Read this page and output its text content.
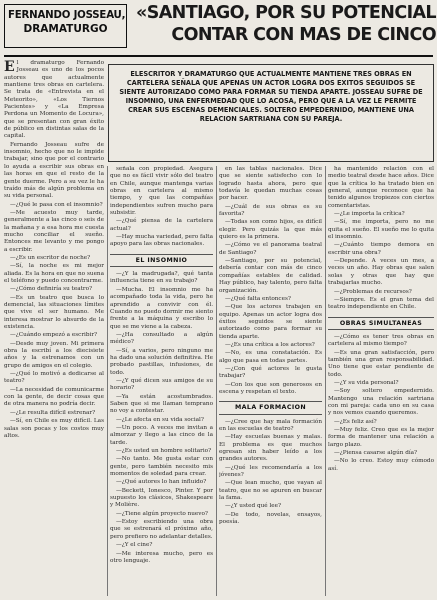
FERNANDO JOSSEAU,
DRAMATURGO
«SANTIAGO, POR SU POTENCIAL
CONTAR CON MAS DE CINCO
ELESCRITOR Y DRAMATURGO QUE ACTUALMENTE MANTIENE TRES OBRAS EN CARTELERA SEÑALA QUE APENAS UN ACTOR LOGRA DOS EXITOS SEGUIDOS SE SIENTE AUTORIZADO COMO PARA FORMAR SU TIENDA APARTE. JOSSEAU SUFRE DE INSOMNIO, UNA ENFERMEDAD QUE LO ACOSA, PERO QUE A LA VEZ LE PERMITE CREAR SUS ESCENAS DEMENCIALES. SOLTERO EMPEDERNIDO, MANTIENE UNA RELACION SARTRIANA CON SU PAREJA.

El dramaturgo Fernando Josseau es uno de los pocos autores que actualmente mantiene tres obras en cartelera. Se trata de «Entrevista en el Meteorito», «Los Tiernos Pacientes» y «La Empresa Perdona un Momento de Locura», que se presentan con gran éxito de público en distintas salas de la capital.

Fernando Josseau sufre de insomnio, hecho que no le impide trabajar, sino que por el contrario lo ayuda a escribir sus obras en las horas en que el resto de la gente duerme. Pero a su vez le ha traído más de algún problema en su vida personal.

—¿Qué le pasa con el insomnio?

—Me acuesto muy tarde, generalmente a las cinco o seis de la mañana y a esa hora me cuesta mucho conciliar el sueño. Entonces me levanto y me pongo a escribir.

—¿Es un escritor de noche?

—Sí, la noche es mi mejor aliada. Es la hora en que no suena el teléfono y puedo concentrarme.

—¿Cómo definiría su teatro?

—Es un teatro que busca lo demencial, las situaciones límites que vive el ser humano. Me interesa mostrar lo absurdo de la existencia.

—¿Cuándo empezó a escribir?

—Desde muy joven. Mi primera obra la escribí a los diecisiete años y la estrenamos con un grupo de amigos en el colegio.

—¿Qué lo motivó a dedicarse al teatro?

—La necesidad de comunicarme con la gente, de decir cosas que de otra manera no podría decir.

—¿Le resulta difícil estrenar?

—Sí, en Chile es muy difícil. Las salas son pocas y los costos muy altos.

señala con propiedad. Asegura que no es fácil vivir sólo del teatro en Chile, aunque mantenga varias obras en cartelera al mismo tiempo, y que las compañías independientes sufren mucho para subsistir.

—¿Qué piensa de la cartelera actual?

—Hay mucha variedad, pero falta apoyo para las obras nacionales.

EL INSOMNIO

—¿Y la madrugada?, qué tanta influencia tiene en su trabajo?

—Mucha. El insomnio me ha acompañado toda la vida, pero he aprendido a convivir con él. Cuando no puedo dormir me siento frente a la máquina y escribo lo que se me viene a la cabeza.

—¿Ha consultado a algún médico?

—Sí, a varios, pero ninguno me ha dado una solución definitiva. He probado pastillas, infusiones, de todo.

—¿Y qué dicen sus amigos de su horario?

—Ya están acostumbrados. Saben que si me llaman temprano no voy a contestar.

—¿Le afecta en su vida social?

—Un poco. A veces me invitan a almorzar y llego a las cinco de la tarde.

—¿Es usted un hombre solitario?

—No tanto. Me gusta estar con gente, pero también necesito mis momentos de soledad para crear.

—¿Qué autores lo han influido?

—Beckett, Ionesco, Pinter. Y por supuesto los clásicos, Shakespeare y Molière.

—¿Tiene algún proyecto nuevo?

—Estoy escribiendo una obra que se estrenará el próximo año, pero prefiero no adelantar detalles.

—¿Y el cine?

—Me interesa mucho, pero es otro lenguaje.

en las tablas nacionales. Dice que se siente satisfecho con lo logrado hasta ahora, pero que todavía le quedan muchas cosas por hacer.

—¿Cuál de sus obras es su favorita?

—Todas son como hijos, es difícil elegir. Pero quizás la que más quiero es la primera.

—¿Cómo ve el panorama teatral de Santiago?

—Santiago, por su potencial, debería contar con más de cinco compañías estables de calidad. Hay público, hay talento, pero falta organización.

—¿Qué falta entonces?

—Que los actores trabajen en equipo. Apenas un actor logra dos éxitos seguidos se siente autorizado como para formar su tienda aparte.

—¿Es una crítica a los actores?

—No, es una constatación. Es algo que pasa en todas partes.

—¿Con qué actores le gusta trabajar?

—Con los que son generosos en escena y respetan el texto.

MALA FORMACION

—¿Cree que hay mala formación en las escuelas de teatro?

—Hay escuelas buenas y malas. El problema es que muchos egresan sin haber leído a los grandes autores.

—¿Qué les recomendaría a los jóvenes?

—Que lean mucho, que vayan al teatro, que no se apuren en buscar la fama.

—¿Y usted qué lee?

—De todo, novelas, ensayos, poesía.

ha mantenido relación con el medio teatral desde hace años. Dice que la crítica lo ha tratado bien en general, aunque reconoce que ha tenido algunos tropiezos con ciertos comentaristas.

—¿Le importa la crítica?

—Sí, me importa, pero no me quita el sueño. El sueño me lo quita el insomnio.

—¿Cuánto tiempo demora en escribir una obra?

—Depende. A veces un mes, a veces un año. Hay obras que salen solas y otras que hay que trabajarlas mucho.

—¿Problemas de recursos?

—Siempre. Es el gran tema del teatro independiente en Chile.

OBRAS SIMULTANEAS

—¿Cómo es tener tres obras en cartelera al mismo tiempo?

—Es una gran satisfacción, pero también una gran responsabilidad. Uno tiene que estar pendiente de todo.

—¿Y su vida personal?

—Soy soltero empedernido. Mantengo una relación sartriana con mi pareja: cada uno en su casa y nos vemos cuando queremos.

—¿Es feliz así?

—Muy feliz. Creo que es la mejor forma de mantener una relación a largo plazo.

—¿Piensa casarse algún día?

—No lo creo. Estoy muy cómodo así.
